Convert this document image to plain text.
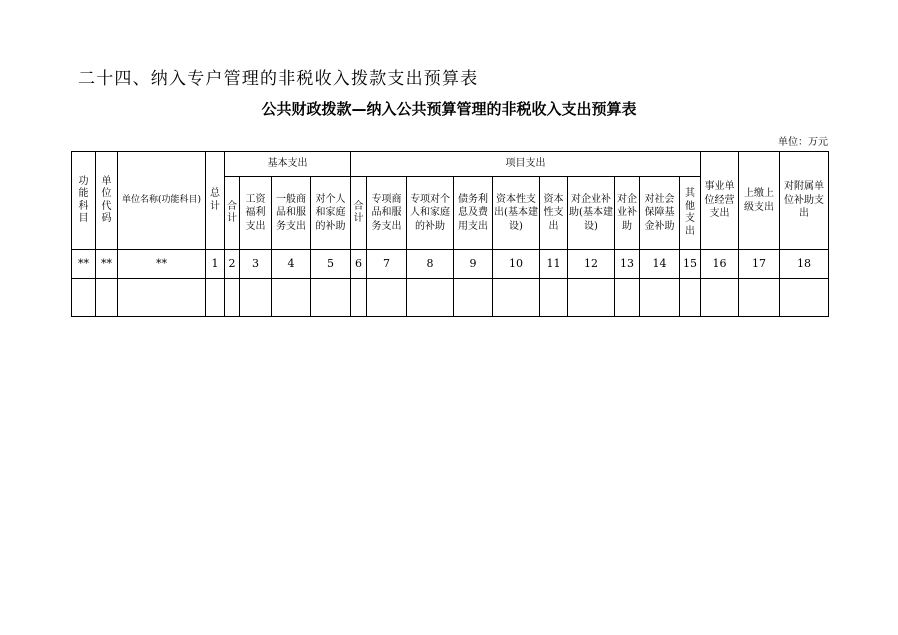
二十四、纳入专户管理的非税收入拨款支出预算表
公共财政拨款—纳入公共预算管理的非税收入支出预算表
单位：万元
功能科目	单位代码	单位名称(功能科目)	总计	基本支出				项目支出										事业单位经营支出	上缴上级支出	对附属单位补助支出
				合计	工资福利支出	一般商品和服务支出	对个人和家庭的补助	合计	专项商品和服务支出	专项对个人和家庭的补助	债务利息及费用支出	资本性支出(基本建设)	资本性支出	对企业补助(基本建设)	对企业补助	对社会保障基金补助	其他支出			
**	**	**	1	2	3	4	5	6	7	8	9	10	11	12	13	14	15	16	17	18
